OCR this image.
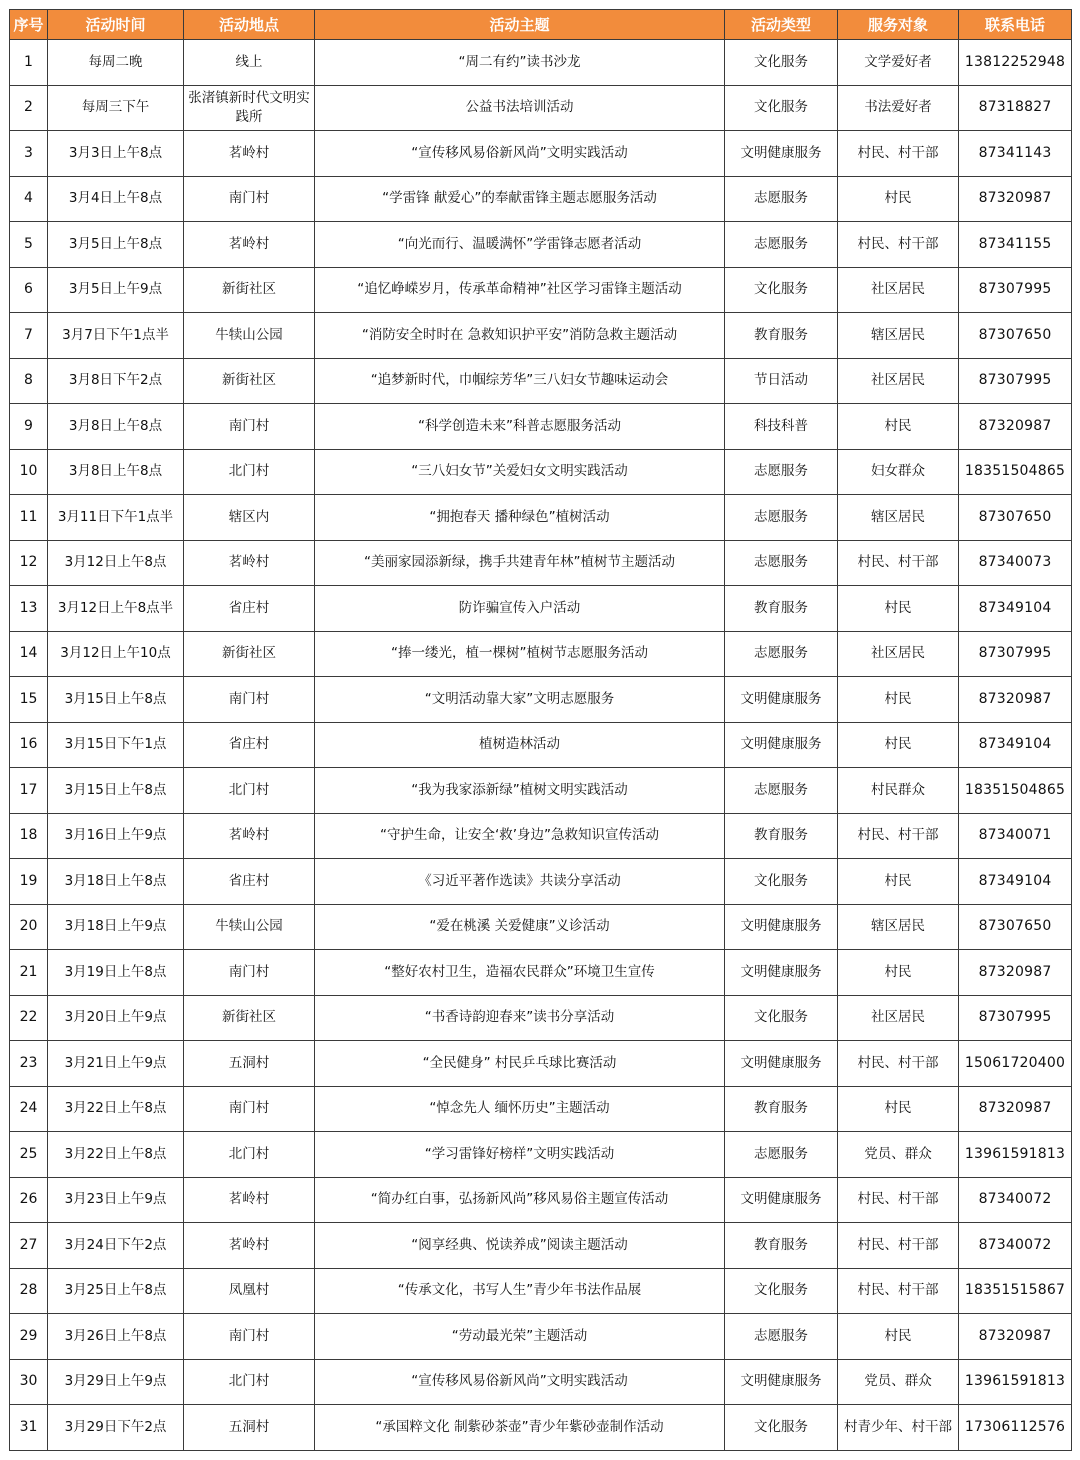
序号	活动时间	活动地点	活动主题	活动类型	服务对象	联系电话
1	每周二晚	线上	“周二有约”读书沙龙	文化服务	文学爱好者	13812252948
2	每周三下午	张渚镇新时代文明实践所	公益书法培训活动	文化服务	书法爱好者	87318827
3	3月3日上午8点	茗岭村	“宣传移风易俗新风尚”文明实践活动	文明健康服务	村民、村干部	87341143
4	3月4日上午8点	南门村	“学雷锋 献爱心”的奉献雷锋主题志愿服务活动	志愿服务	村民	87320987
5	3月5日上午8点	茗岭村	“向光而行、温暖满怀”学雷锋志愿者活动	志愿服务	村民、村干部	87341155
6	3月5日上午9点	新街社区	“追忆峥嵘岁月，传承革命精神”社区学习雷锋主题活动	文化服务	社区居民	87307995
7	3月7日下午1点半	牛犊山公园	“消防安全时时在 急救知识护平安”消防急救主题活动	教育服务	辖区居民	87307650
8	3月8日下午2点	新街社区	“追梦新时代，巾帼综芳华”三八妇女节趣味运动会	节日活动	社区居民	87307995
9	3月8日上午8点	南门村	“科学创造未来”科普志愿服务活动	科技科普	村民	87320987
10	3月8日上午8点	北门村	“三八妇女节”关爱妇女文明实践活动	志愿服务	妇女群众	18351504865
11	3月11日下午1点半	辖区内	“拥抱春天 播种绿色”植树活动	志愿服务	辖区居民	87307650
12	3月12日上午8点	茗岭村	“美丽家园添新绿，携手共建青年林”植树节主题活动	志愿服务	村民、村干部	87340073
13	3月12日上午8点半	省庄村	防诈骗宣传入户活动	教育服务	村民	87349104
14	3月12日上午10点	新街社区	“捧一缕光，植一棵树”植树节志愿服务活动	志愿服务	社区居民	87307995
15	3月15日上午8点	南门村	“文明活动靠大家”文明志愿服务	文明健康服务	村民	87320987
16	3月15日下午1点	省庄村	植树造林活动	文明健康服务	村民	87349104
17	3月15日上午8点	北门村	“我为我家添新绿”植树文明实践活动	志愿服务	村民群众	18351504865
18	3月16日上午9点	茗岭村	“守护生命，让安全‘救’身边”急救知识宣传活动	教育服务	村民、村干部	87340071
19	3月18日上午8点	省庄村	《习近平著作选读》共读分享活动	文化服务	村民	87349104
20	3月18日上午9点	牛犊山公园	“爱在桃溪 关爱健康”义诊活动	文明健康服务	辖区居民	87307650
21	3月19日上午8点	南门村	“整好农村卫生，造福农民群众”环境卫生宣传	文明健康服务	村民	87320987
22	3月20日上午9点	新街社区	“书香诗韵迎春来”读书分享活动	文化服务	社区居民	87307995
23	3月21日上午9点	五洞村	“全民健身” 村民乒乓球比赛活动	文明健康服务	村民、村干部	15061720400
24	3月22日上午8点	南门村	“悼念先人 缅怀历史”主题活动	教育服务	村民	87320987
25	3月22日上午8点	北门村	“学习雷锋好榜样”文明实践活动	志愿服务	党员、群众	13961591813
26	3月23日上午9点	茗岭村	“简办红白事，弘扬新风尚”移风易俗主题宣传活动	文明健康服务	村民、村干部	87340072
27	3月24日下午2点	茗岭村	“阅享经典、悦读养成”阅读主题活动	教育服务	村民、村干部	87340072
28	3月25日上午8点	凤凰村	“传承文化，书写人生”青少年书法作品展	文化服务	村民、村干部	18351515867
29	3月26日上午8点	南门村	“劳动最光荣”主题活动	志愿服务	村民	87320987
30	3月29日上午9点	北门村	“宣传移风易俗新风尚”文明实践活动	文明健康服务	党员、群众	13961591813
31	3月29日下午2点	五洞村	“承国粹文化 制紫砂茶壶”青少年紫砂壶制作活动	文化服务	村青少年、村干部	17306112576
